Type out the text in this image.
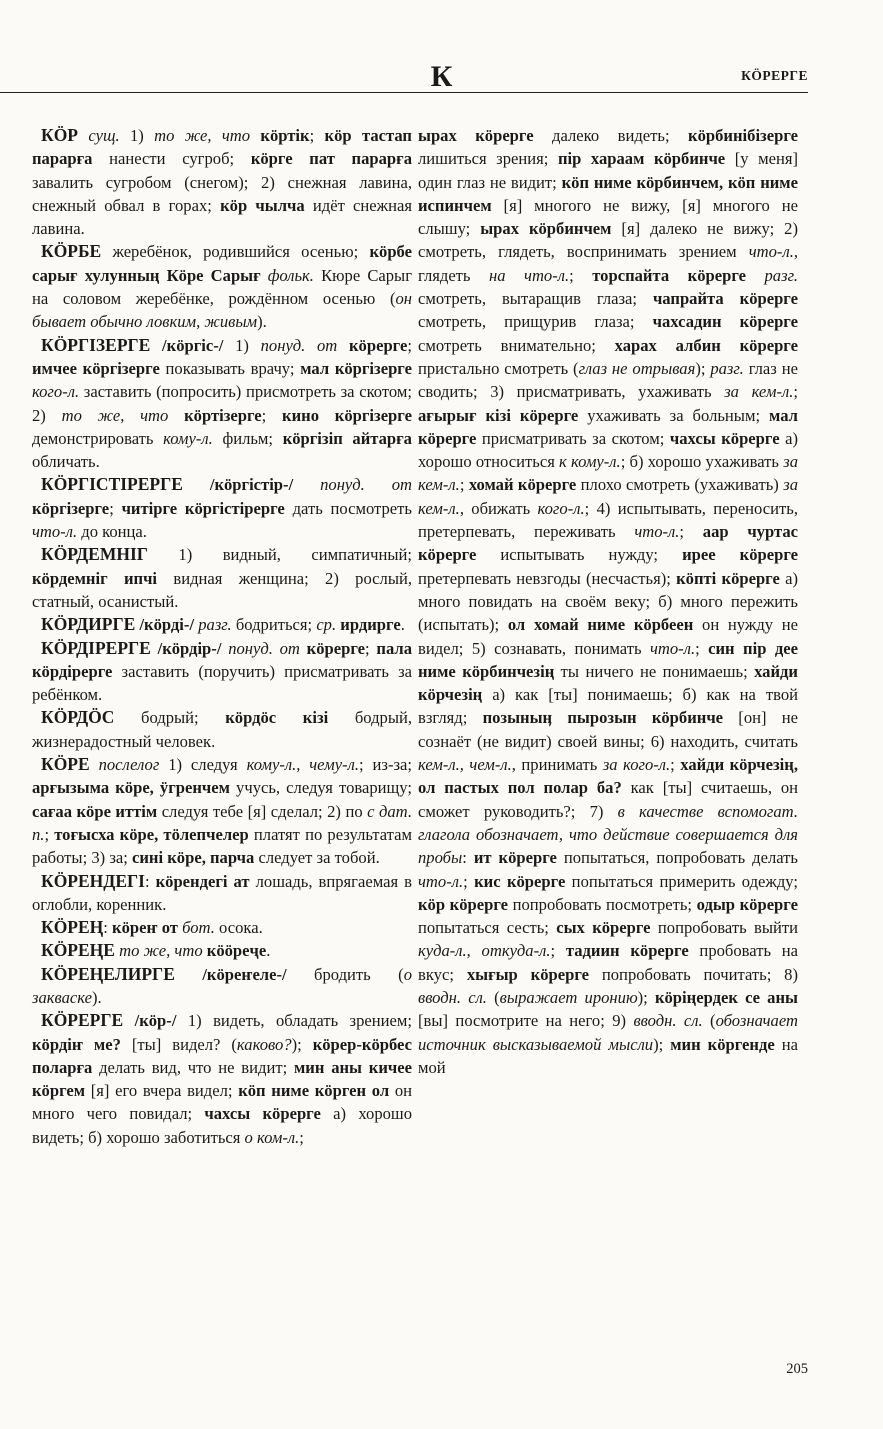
К	КӦРЕРГЕ

КӦР сущ. 1) то же, что кӧртік; кӧр тастап парарға нанести сугроб; кӧрге пат парарға завалить сугробом (снегом); 2) снежная лавина, снежный обвал в горах; кӧр чылча идёт снежная лавина.

КӦРБЕ жеребёнок, родившийся осенью; кӧрбе сарығ хулунның Кӧре Сарығ фольк. Кюре Сарыг на соловом жеребёнке, рождённом осенью (он бывает обычно ловким, живым).

КӦРГІЗЕРГЕ /кӧргіс-/ 1) понуд. от кӧрерге; имчее кӧргізерге показывать врачу; мал кӧргізерге кого-л. заставить (попросить) присмотреть за скотом; 2) то же, что кӧртізерге; кино кӧргізерге демонстрировать кому-л. фильм; кӧргізіп айтарға обличать.

КӦРГІСТІРЕРГЕ /кӧргістір-/ понуд. от кӧргізерге; читірге кӧргістірерге дать посмотреть что-л. до конца.

КӦРДЕМНІГ 1) видный, симпатичный; кӧрдемніг ипчі видная женщина; 2) рослый, статный, осанистый.

КӦРДИРГЕ /кӧрді-/ разг. бодриться; ср. ирдирге.

КӦРДІРЕРГЕ /кӧрдір-/ понуд. от кӧрерге; пала кӧрдірерге заставить (поручить) присматривать за ребёнком.

КӦРДӦС бодрый; кӧрдӧс кізі бодрый, жизнерадостный человек.

КӦРЕ послелог 1) следуя кому-л., чему-л.; из-за; арғызыма кӧре, ӱгренчем учусь, следуя товарищу; сағаа кӧре иттім следуя тебе [я] сделал; 2) по с дат. п.; тоғысха кӧре, тӧлепчелер платят по результатам работы; 3) за; сині кӧре, парча следует за тобой.

КӦРЕНДЕГІ: кӧрендегі ат лошадь, впрягаемая в оглобли, коренник.

КӦРЕҢ: кӧреҥ от бот. осока.

КӦРЕҢЕ то же, что кӧӧреҷе.

КӦРЕҢЕЛИРГЕ /кӧреҥеле-/ бродить (о закваске).

КӦРЕРГЕ /кӧр-/ 1) видеть, обладать зрением; кӧрдіҥ ме? [ты] видел? (каково?); кӧрер-кӧрбес поларға делать вид, что не видит; мин аны кичее кӧргем [я] его вчера видел; кӧп ниме кӧрген ол он много чего повидал; чахсы кӧрерге а) хорошо видеть; б) хорошо заботиться о ком-л.;

ырах кӧрерге далеко видеть; кӧрбинібізерге лишиться зрения; пір хараам кӧрбинче [у меня] один глаз не видит; кӧп ниме кӧрбинчем, кӧп ниме испинчем [я] многого не вижу, [я] многого не слышу; ырах кӧрбинчем [я] далеко не вижу; 2) смотреть, глядеть, воспринимать зрением что-л., глядеть на что-л.; торспайта кӧрерге разг. смотреть, вытаращив глаза; чапрайта кӧрерге смотреть, прищурив глаза; чахсадин кӧрерге смотреть внимательно; харах албин кӧрерге пристально смотреть (глаз не отрывая); разг. глаз не сводить; 3) присматривать, ухаживать за кем-л.; ағырығ кізі кӧрерге ухаживать за больным; мал кӧрерге присматривать за скотом; чахсы кӧрерге а) хорошо относиться к кому-л.; б) хорошо ухаживать за кем-л.; хомай кӧрерге плохо смотреть (ухаживать) за кем-л., обижать кого-л.; 4) испытывать, переносить, претерпевать, переживать что-л.; аар чуртас кӧрерге испытывать нужду; ирее кӧрерге претерпевать невзгоды (несчастья); кӧпті кӧрерге а) много повидать на своём веку; б) много пережить (испытать); ол хомай ниме кӧрбеен он нужду не видел; 5) сознавать, понимать что-л.; син пір дее ниме кӧрбинчезің ты ничего не понимаешь; хайди кӧрчезің а) как [ты] понимаешь; б) как на твой взгляд; позыныӊ пырозын кӧрбинче [он] не сознаёт (не видит) своей вины; 6) находить, считать кем-л., чем-л., принимать за кого-л.; хайди кӧрчезің, ол пастых пол полар ба? как [ты] считаешь, он сможет руководить?; 7) в качестве вспомогат. глагола обозначает, что действие совершается для пробы: ит кӧрерге попытаться, попробовать делать что-л.; кис кӧрерге попытаться примерить одежду; кӧр кӧрерге попробовать посмотреть; одыр кӧрерге попытаться сесть; сых кӧрерге попробовать выйти куда-л., откуда-л.; тадиин кӧрерге пробовать на вкус; хығыр кӧрерге попробовать почитать; 8) вводн. сл. (выражает иронию); кӧріңердек се аны [вы] посмотрите на него; 9) вводн. сл. (обозначает источник высказываемой мысли); мин кӧргенде на мой

205
